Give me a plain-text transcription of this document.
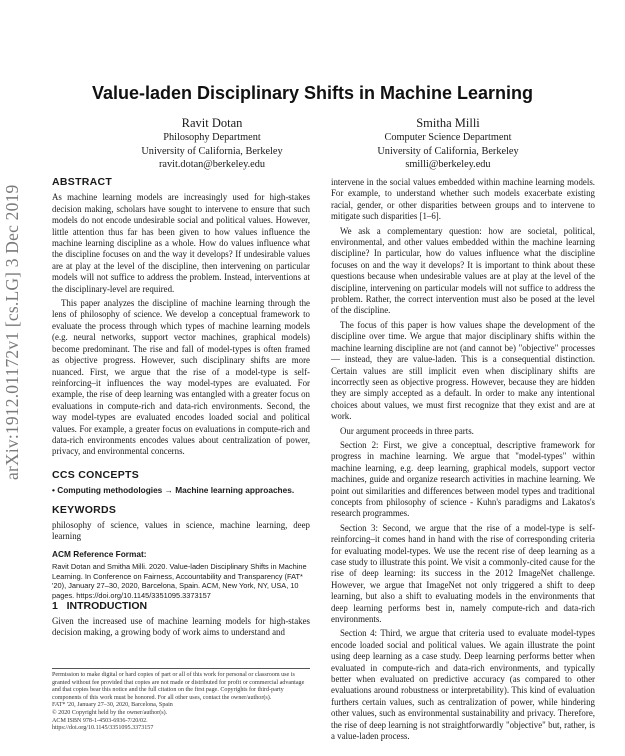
arXiv:1912.01172v1 [cs.LG] 3 Dec 2019
Value-laden Disciplinary Shifts in Machine Learning
Ravit Dotan
Philosophy Department
University of California, Berkeley
ravit.dotan@berkeley.edu
Smitha Milli
Computer Science Department
University of California, Berkeley
smilli@berkeley.edu
ABSTRACT

As machine learning models are increasingly used for high-stakes decision making, scholars have sought to intervene to ensure that such models do not encode undesirable social and political values. However, little attention thus far has been given to how values influence the machine learning discipline as a whole. How do values influence what the discipline focuses on and the way it develops? If undesirable values are at play at the level of the discipline, then intervening on particular models will not suffice to address the problem. Instead, interventions at the disciplinary-level are required.

This paper analyzes the discipline of machine learning through the lens of philosophy of science. We develop a conceptual framework to evaluate the process through which types of machine learning models (e.g. neural networks, support vector machines, graphical models) become predominant. The rise and fall of model-types is often framed as objective progress. However, such disciplinary shifts are more nuanced. First, we argue that the rise of a model-type is self-reinforcing–it influences the way model-types are evaluated. For example, the rise of deep learning was entangled with a greater focus on evaluations in compute-rich and data-rich environments. Second, the way model-types are evaluated encodes loaded social and political values. For example, a greater focus on evaluations in compute-rich and data-rich environments encodes values about centralization of power, privacy, and environmental concerns.

CCS CONCEPTS
• Computing methodologies → Machine learning approaches.
KEYWORDS

philosophy of science, values in science, machine learning, deep learning

ACM Reference Format:

Ravit Dotan and Smitha Milli. 2020. Value-laden Disciplinary Shifts in Machine Learning. In Conference on Fairness, Accountability and Transparency (FAT* '20), January 27–30, 2020, Barcelona, Spain. ACM, New York, NY, USA, 10 pages. https://doi.org/10.1145/3351095.3373157

1 INTRODUCTION

Given the increased use of machine learning models for high-stakes decision making, a growing body of work aims to understand and

Permission to make digital or hard copies of part or all of this work for personal or classroom use is granted without fee provided that copies are not made or distributed for profit or commercial advantage and that copies bear this notice and the full citation on the first page. Copyrights for third-party components of this work must be honored. For all other uses, contact the owner/author(s).
FAT* '20, January 27–30, 2020, Barcelona, Spain
© 2020 Copyright held by the owner/author(s).
ACM ISBN 978-1-4503-6936-7/20/02.
https://doi.org/10.1145/3351095.3373157

intervene in the social values embedded within machine learning models. For example, to understand whether such models exacerbate existing racial, gender, or other disparities between groups and to intervene to mitigate such disparities [1–6].

We ask a complementary question: how are societal, political, environmental, and other values embedded within the machine learning discipline? In particular, how do values influence what the discipline focuses on and the way it develops? It is important to think about these questions because when undesirable values are at play at the level of the discipline, intervening on particular models will not suffice to address the problem. Rather, the correct intervention must also be posed at the level of the discipline.

The focus of this paper is how values shape the development of the discipline over time. We argue that major disciplinary shifts within the machine learning discipline are not (and cannot be) "objective" processes — instead, they are value-laden. This is a consequential distinction. Certain values are still implicit even when disciplinary shifts are incorrectly seen as objective progress. However, because they are hidden they are simply accepted as a default. In order to make any intentional choices about values, we must first recognize that they exist and are at work.

Our argument proceeds in three parts.

Section 2: First, we give a conceptual, descriptive framework for progress in machine learning. We argue that "model-types" within machine learning, e.g. deep learning, graphical models, support vector machines, guide and organize research activities in machine learning. We point out similarities and differences between model types and traditional concepts from philosophy of science - Kuhn's paradigms and Lakatos's research programmes.

Section 3: Second, we argue that the rise of a model-type is self-reinforcing–it comes hand in hand with the rise of corresponding criteria for evaluating model-types. We use the recent rise of deep learning as a case study to illustrate this point. We visit a commonly-cited cause for the rise of deep learning: its success in the 2012 ImageNet challenge. However, we argue that ImageNet not only triggered a shift to deep learning, but also a shift to evaluating models in the environments that deep learning performs best in, namely compute-rich and data-rich environments.

Section 4: Third, we argue that criteria used to evaluate model-types encode loaded social and political values. We again illustrate the point using deep learning as a case study. Deep learning performs better when evaluated in compute-rich and data-rich environments, and typically better when evaluated on predictive accuracy (as compared to other evaluations around robustness or interpretability). This kind of evaluation furthers certain values, such as centralization of power, while hindering other values, such as environmental sustainability and privacy. Therefore, the rise of deep learning is not straightforwardly "objective" but, rather, is a value-laden process.
